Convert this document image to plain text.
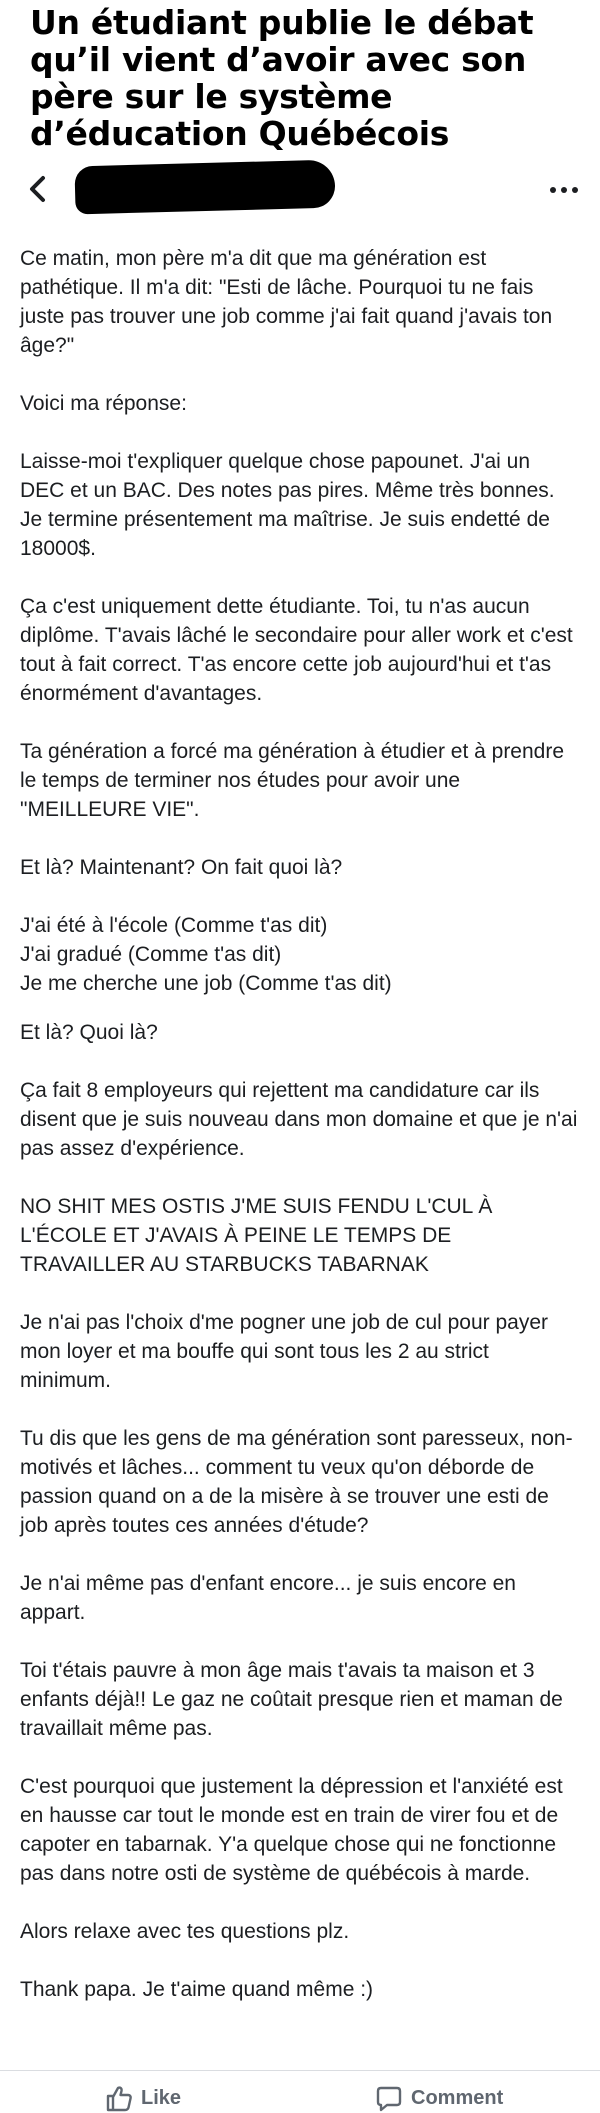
Un étudiant publie le débat qu’il vient d’avoir avec son père sur le système d’éducation Québécois

Ce matin, mon père m'a dit que ma génération est pathétique. Il m'a dit: "Esti de lâche. Pourquoi tu ne fais juste pas trouver une job comme j'ai fait quand j'avais ton âge?"

Voici ma réponse:

Laisse-moi t'expliquer quelque chose papounet. J'ai un DEC et un BAC. Des notes pas pires. Même très bonnes. Je termine présentement ma maîtrise. Je suis endetté de 18000$.

Ça c'est uniquement dette étudiante. Toi, tu n'as aucun diplôme. T'avais lâché le secondaire pour aller work et c'est tout à fait correct. T'as encore cette job aujourd'hui et t'as énormément d'avantages.

Ta génération a forcé ma génération à étudier et à prendre le temps de terminer nos études pour avoir une "MEILLEURE VIE".

Et là? Maintenant? On fait quoi là?

J'ai été à l'école (Comme t'as dit)
J'ai gradué (Comme t'as dit)
Je me cherche une job (Comme t'as dit)

Et là? Quoi là?

Ça fait 8 employeurs qui rejettent ma candidature car ils disent que je suis nouveau dans mon domaine et que je n'ai pas assez d'expérience.

NO SHIT MES OSTIS J'ME SUIS FENDU L'CUL À L'ÉCOLE ET J'AVAIS À PEINE LE TEMPS DE TRAVAILLER AU STARBUCKS TABARNAK

Je n'ai pas l'choix d'me pogner une job de cul pour payer mon loyer et ma bouffe qui sont tous les 2 au strict minimum.

Tu dis que les gens de ma génération sont paresseux, non-motivés et lâches... comment tu veux qu'on déborde de passion quand on a de la misère à se trouver une esti de job après toutes ces années d'étude?

Je n'ai même pas d'enfant encore... je suis encore en appart.

Toi t'étais pauvre à mon âge mais t'avais ta maison et 3 enfants déjà!! Le gaz ne coûtait presque rien et maman de travaillait même pas.

C'est pourquoi que justement la dépression et l'anxiété est en hausse car tout le monde est en train de virer fou et de capoter en tabarnak. Y'a quelque chose qui ne fonctionne pas dans notre osti de système de québécois à marde.

Alors relaxe avec tes questions plz.

Thank papa. Je t'aime quand même :)

Like	Comment
